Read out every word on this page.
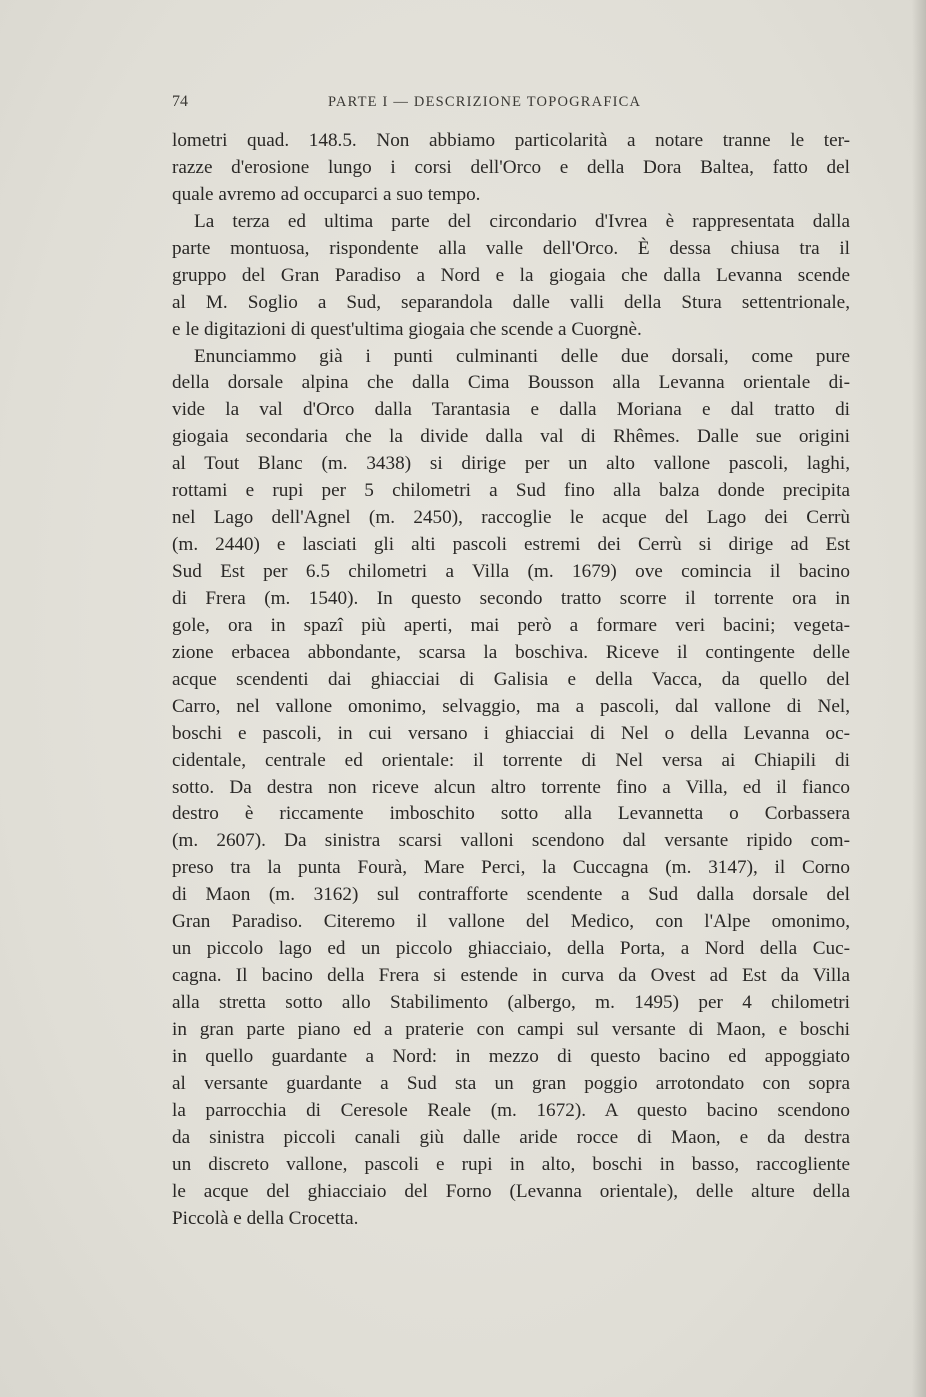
74	PARTE I — DESCRIZIONE TOPOGRAFICA
lometri quad. 148.5. Non abbiamo particolarità a notare tranne le ter-
razze d'erosione lungo i corsi dell'Orco e della Dora Baltea, fatto del
quale avremo ad occuparci a suo tempo.
La terza ed ultima parte del circondario d'Ivrea è rappresentata dalla
parte montuosa, rispondente alla valle dell'Orco. È dessa chiusa tra il
gruppo del Gran Paradiso a Nord e la giogaia che dalla Levanna scende
al M. Soglio a Sud, separandola dalle valli della Stura settentrionale,
e le digitazioni di quest'ultima giogaia che scende a Cuorgnè.
Enunciammo già i punti culminanti delle due dorsali, come pure
della dorsale alpina che dalla Cima Bousson alla Levanna orientale di-
vide la val d'Orco dalla Tarantasia e dalla Moriana e dal tratto di
giogaia secondaria che la divide dalla val di Rhêmes. Dalle sue origini
al Tout Blanc (m. 3438) si dirige per un alto vallone pascoli, laghi,
rottami e rupi per 5 chilometri a Sud fino alla balza donde precipita
nel Lago dell'Agnel (m. 2450), raccoglie le acque del Lago dei Cerrù
(m. 2440) e lasciati gli alti pascoli estremi dei Cerrù si dirige ad Est
Sud Est per 6.5 chilometri a Villa (m. 1679) ove comincia il bacino
di Frera (m. 1540). In questo secondo tratto scorre il torrente ora in
gole, ora in spazî più aperti, mai però a formare veri bacini; vegeta-
zione erbacea abbondante, scarsa la boschiva. Riceve il contingente delle
acque scendenti dai ghiacciai di Galisia e della Vacca, da quello del
Carro, nel vallone omonimo, selvaggio, ma a pascoli, dal vallone di Nel,
boschi e pascoli, in cui versano i ghiacciai di Nel o della Levanna oc-
cidentale, centrale ed orientale: il torrente di Nel versa ai Chiapili di
sotto. Da destra non riceve alcun altro torrente fino a Villa, ed il fianco
destro è riccamente imboschito sotto alla Levannetta o Corbassera
(m. 2607). Da sinistra scarsi valloni scendono dal versante ripido com-
preso tra la punta Fourà, Mare Perci, la Cuccagna (m. 3147), il Corno
di Maon (m. 3162) sul contrafforte scendente a Sud dalla dorsale del
Gran Paradiso. Citeremo il vallone del Medico, con l'Alpe omonimo,
un piccolo lago ed un piccolo ghiacciaio, della Porta, a Nord della Cuc-
cagna. Il bacino della Frera si estende in curva da Ovest ad Est da Villa
alla stretta sotto allo Stabilimento (albergo, m. 1495) per 4 chilometri
in gran parte piano ed a praterie con campi sul versante di Maon, e boschi
in quello guardante a Nord: in mezzo di questo bacino ed appoggiato
al versante guardante a Sud sta un gran poggio arrotondato con sopra
la parrocchia di Ceresole Reale (m. 1672). A questo bacino scendono
da sinistra piccoli canali giù dalle aride rocce di Maon, e da destra
un discreto vallone, pascoli e rupi in alto, boschi in basso, raccogliente
le acque del ghiacciaio del Forno (Levanna orientale), delle alture della
Piccolà e della Crocetta.
